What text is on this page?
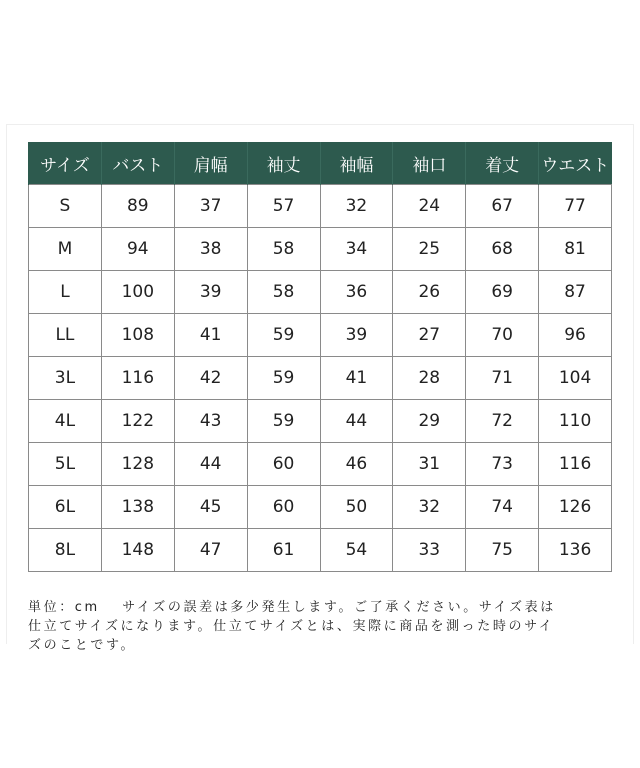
サイズ	バスト	肩幅	袖丈	袖幅	袖口	着丈	ウエスト
S	89	37	57	32	24	67	77
M	94	38	58	34	25	68	81
L	100	39	58	36	26	69	87
LL	108	41	59	39	27	70	96
3L	116	42	59	41	28	71	104
4L	122	43	59	44	29	72	110
5L	128	44	60	46	31	73	116
6L	138	45	60	50	32	74	126
8L	148	47	61	54	33	75	136
単位：cm　 サイズの誤差は多少発生します。ご了承ください。サイズ表は
仕立てサイズになります。仕立てサイズとは、実際に商品を測った時のサイ
ズのことです。
